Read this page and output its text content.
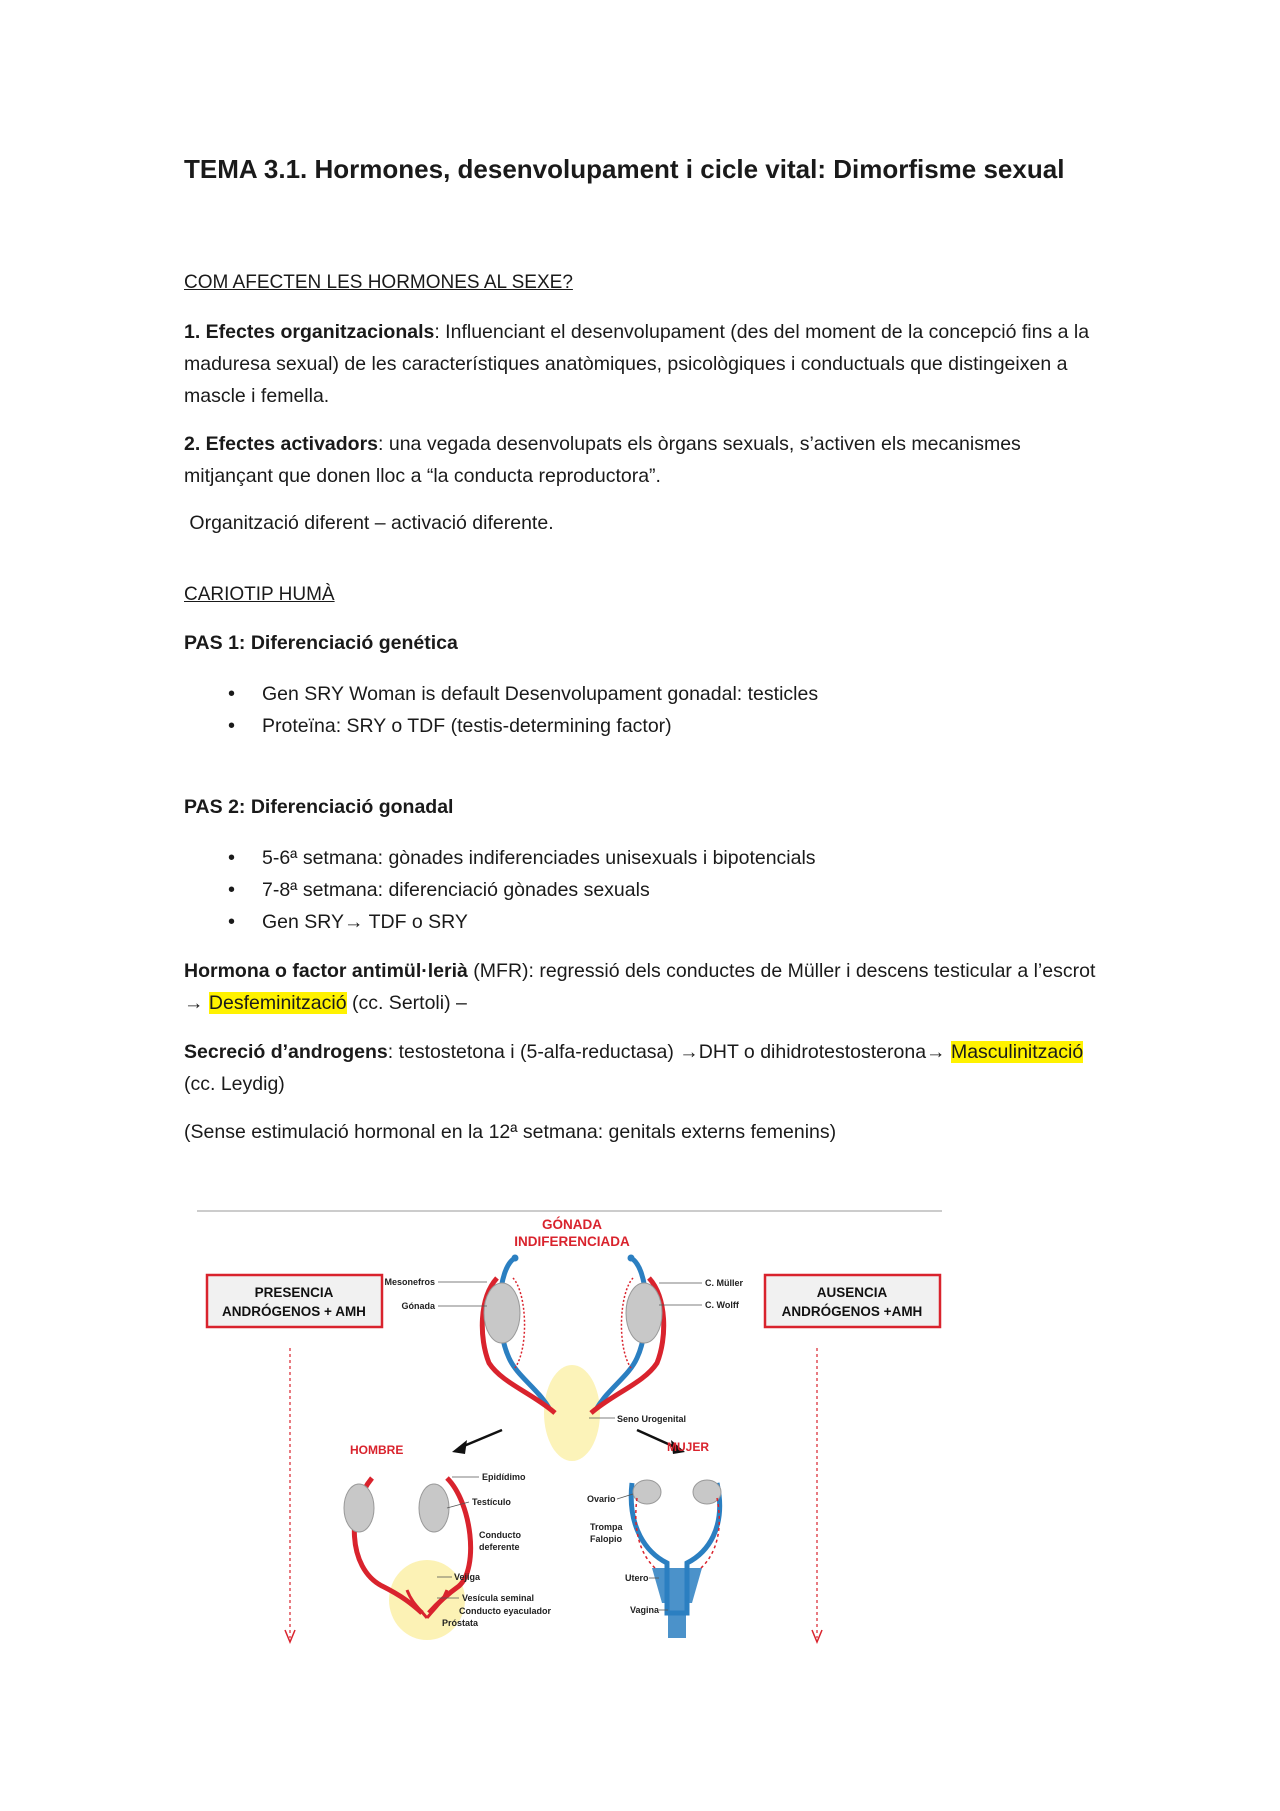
TEMA 3.1. Hormones, desenvolupament i cicle vital: Dimorfisme sexual

COM AFECTEN LES HORMONES AL SEXE?

1. Efectes organitzacionals: Influenciant el desenvolupament (des del moment de la concepció fins a la maduresa sexual) de les característiques anatòmiques, psicològiques i conductuals que distingeixen a mascle i femella.

2. Efectes activadors: una vegada desenvolupats els òrgans sexuals, s’activen els mecanismes mitjançant que donen lloc a “la conducta reproductora”.

Organització diferent – activació diferente.

CARIOTIP HUMÀ

PAS 1: Diferenciació genética

• Gen SRY Woman is default Desenvolupament gonadal: testicles
• Proteïna: SRY o TDF (testis-determining factor)

PAS 2: Diferenciació gonadal

• 5-6ª setmana: gònades indiferenciades unisexuals i bipotencials
• 7-8ª setmana: diferenciació gònades sexuals
• Gen SRY→ TDF o SRY

Hormona o factor antimül·lerià (MFR): regressió dels conductes de Müller i descens testicular a l’escrot → Desfeminització (cc. Sertoli) –

Secreció d’androgens: testostetona i (5-alfa-reductasa) →DHT o dihidrotestosterona→ Masculinització (cc. Leydig)

(Sense estimulació hormonal en la 12ª setmana: genitals externs femenins)

GÓNADA
INDIFERENCIADA
PRESENCIA
ANDRÓGENOS + AMH
AUSENCIA
ANDRÓGENOS +AMH
Mesonefros
Gónada
C. Müller
C. Wolff
Seno Urogenital
HOMBRE	MUJER
Epidídimo
Testículo
Conducto
deferente
Vejiga
Vesícula seminal
Conducto eyaculador
Próstata
Ovario
Trompa
Falopio
Utero
Vagina
